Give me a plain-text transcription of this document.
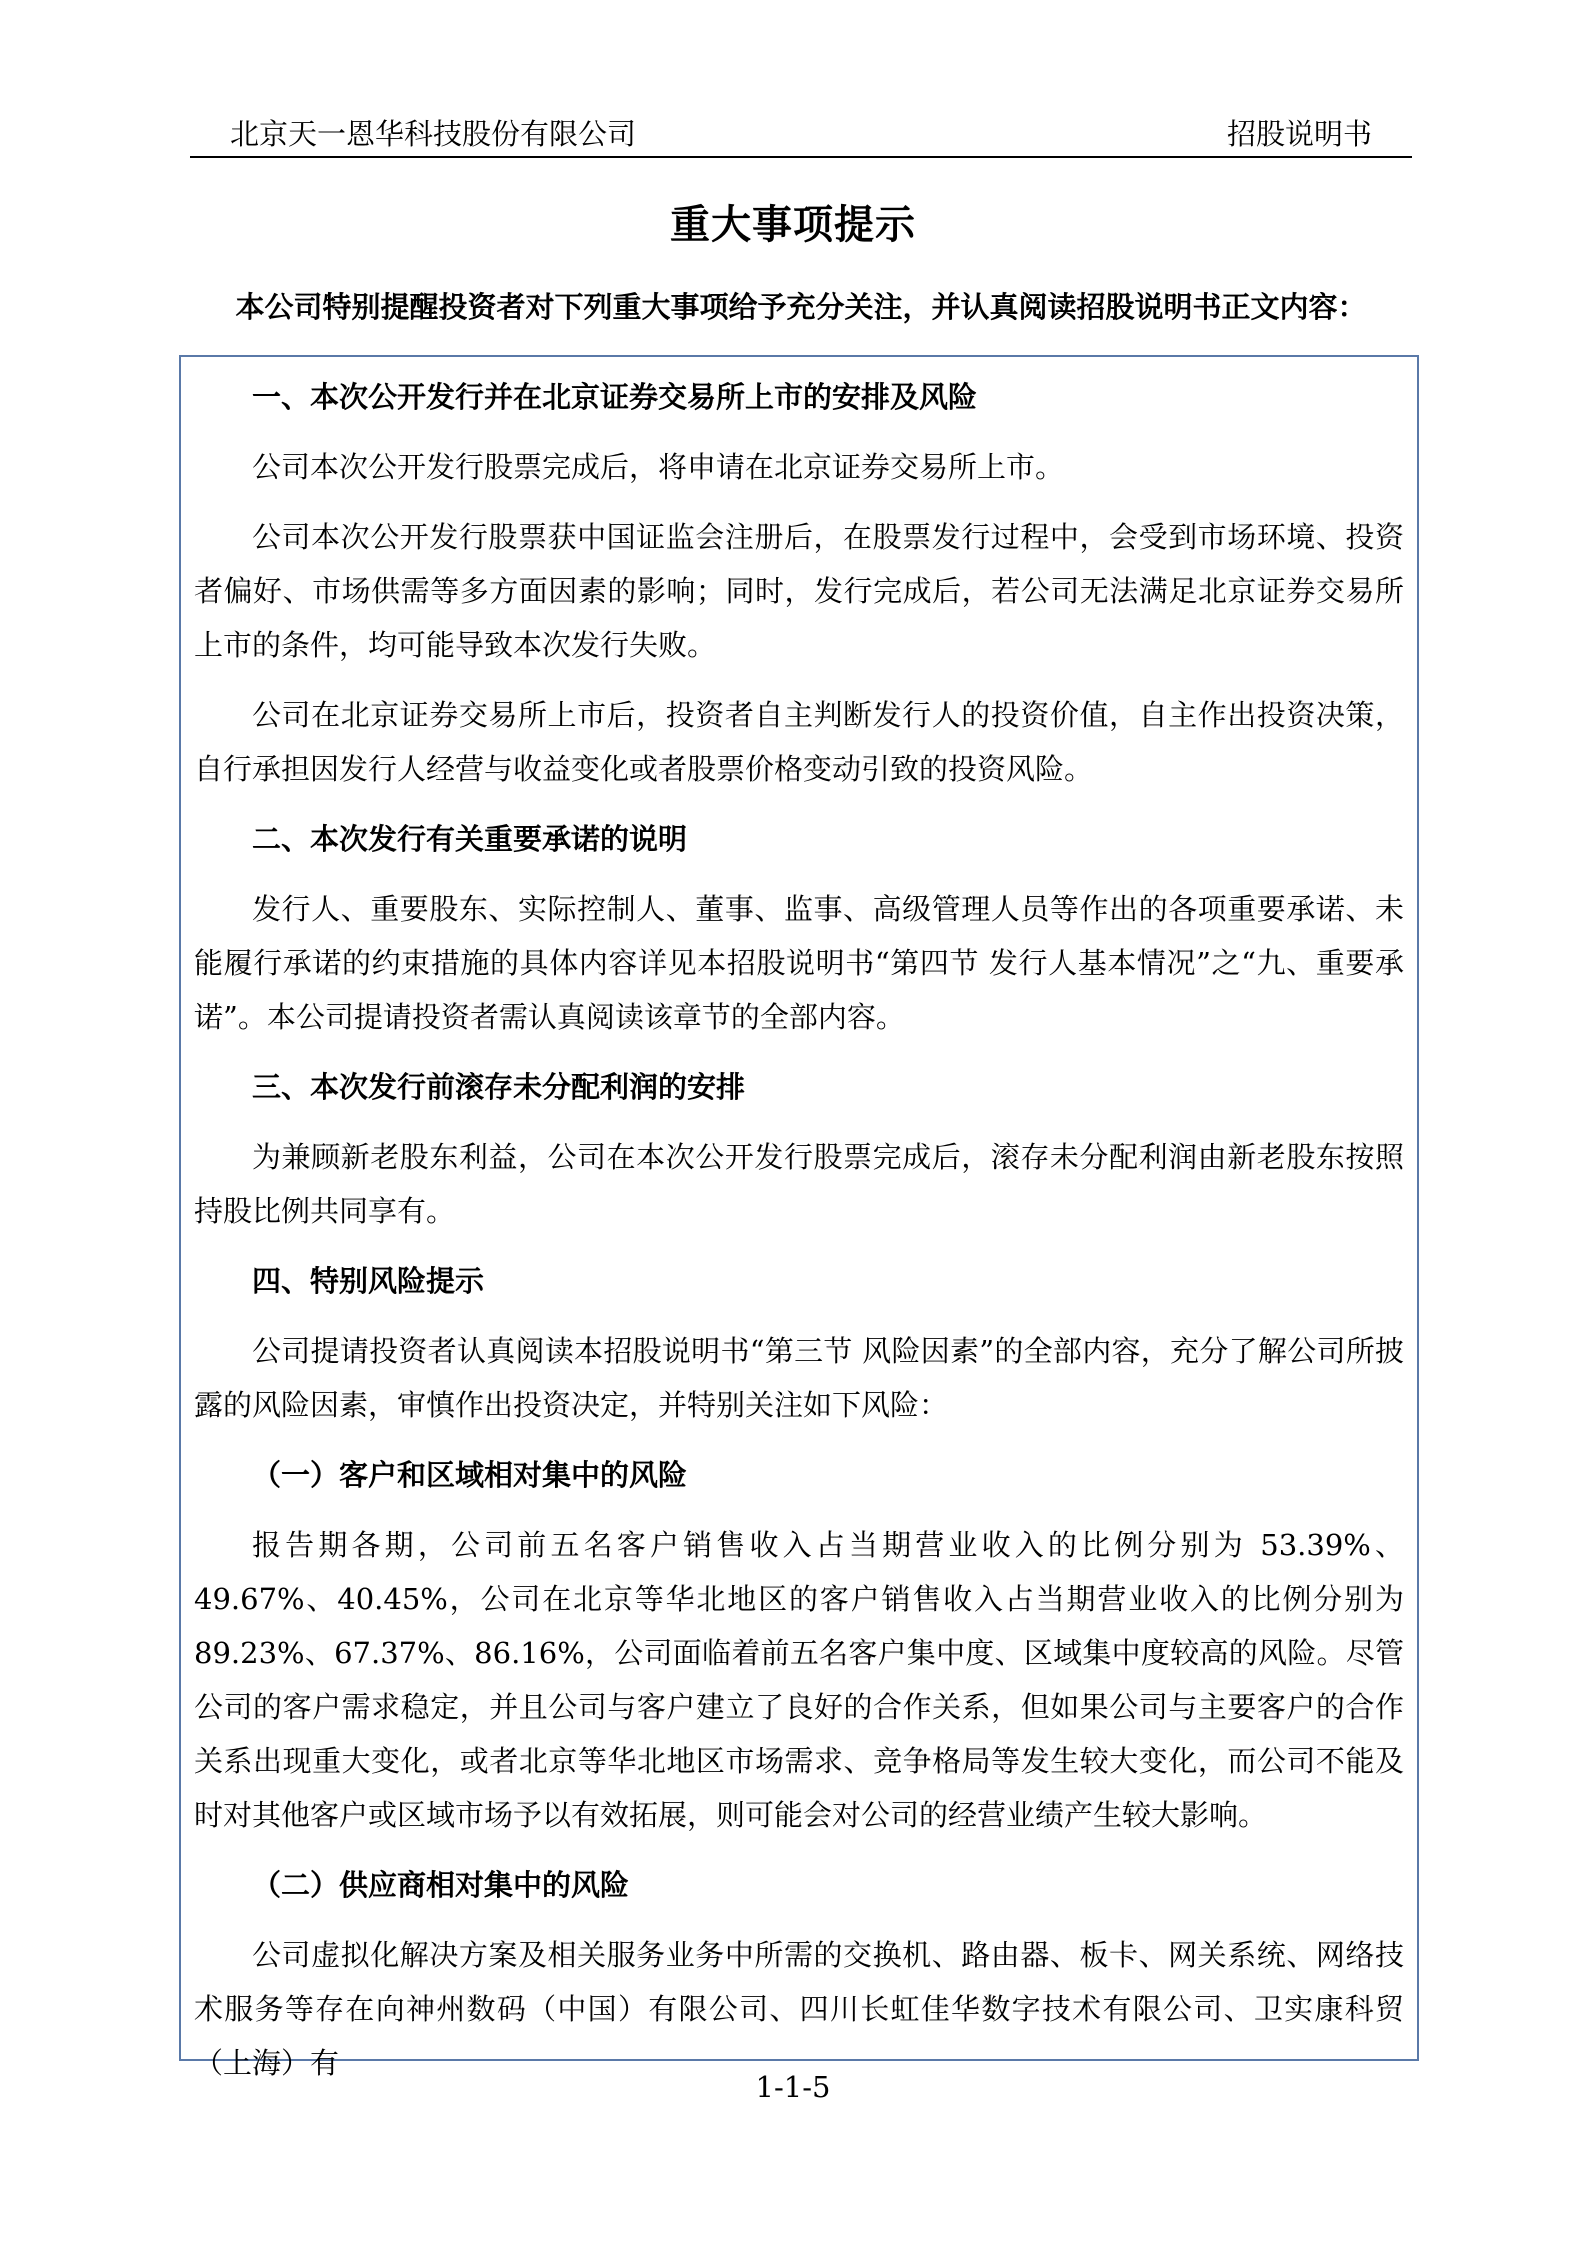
北京天一恩华科技股份有限公司	招股说明书
重大事项提示
本公司特别提醒投资者对下列重大事项给予充分关注，并认真阅读招股说明书正文内容：
一、本次公开发行并在北京证券交易所上市的安排及风险

公司本次公开发行股票完成后，将申请在北京证券交易所上市。

公司本次公开发行股票获中国证监会注册后，在股票发行过程中，会受到市场环境、投资者偏好、市场供需等多方面因素的影响；同时，发行完成后，若公司无法满足北京证券交易所上市的条件，均可能导致本次发行失败。

公司在北京证券交易所上市后，投资者自主判断发行人的投资价值，自主作出投资决策，自行承担因发行人经营与收益变化或者股票价格变动引致的投资风险。

二、本次发行有关重要承诺的说明

发行人、重要股东、实际控制人、董事、监事、高级管理人员等作出的各项重要承诺、未能履行承诺的约束措施的具体内容详见本招股说明书“第四节 发行人基本情况”之“九、重要承诺”。本公司提请投资者需认真阅读该章节的全部内容。

三、本次发行前滚存未分配利润的安排

为兼顾新老股东利益，公司在本次公开发行股票完成后，滚存未分配利润由新老股东按照持股比例共同享有。

四、特别风险提示

公司提请投资者认真阅读本招股说明书“第三节 风险因素”的全部内容，充分了解公司所披露的风险因素，审慎作出投资决定，并特别关注如下风险：

（一）客户和区域相对集中的风险

报告期各期，公司前五名客户销售收入占当期营业收入的比例分别为 53.39%、49.67%、40.45%，公司在北京等华北地区的客户销售收入占当期营业收入的比例分别为 89.23%、67.37%、86.16%，公司面临着前五名客户集中度、区域集中度较高的风险。尽管公司的客户需求稳定，并且公司与客户建立了良好的合作关系，但如果公司与主要客户的合作关系出现重大变化，或者北京等华北地区市场需求、竞争格局等发生较大变化，而公司不能及时对其他客户或区域市场予以有效拓展，则可能会对公司的经营业绩产生较大影响。

（二）供应商相对集中的风险

公司虚拟化解决方案及相关服务业务中所需的交换机、路由器、板卡、网关系统、网络技术服务等存在向神州数码（中国）有限公司、四川长虹佳华数字技术有限公司、卫实康科贸（上海）有

1-1-5
